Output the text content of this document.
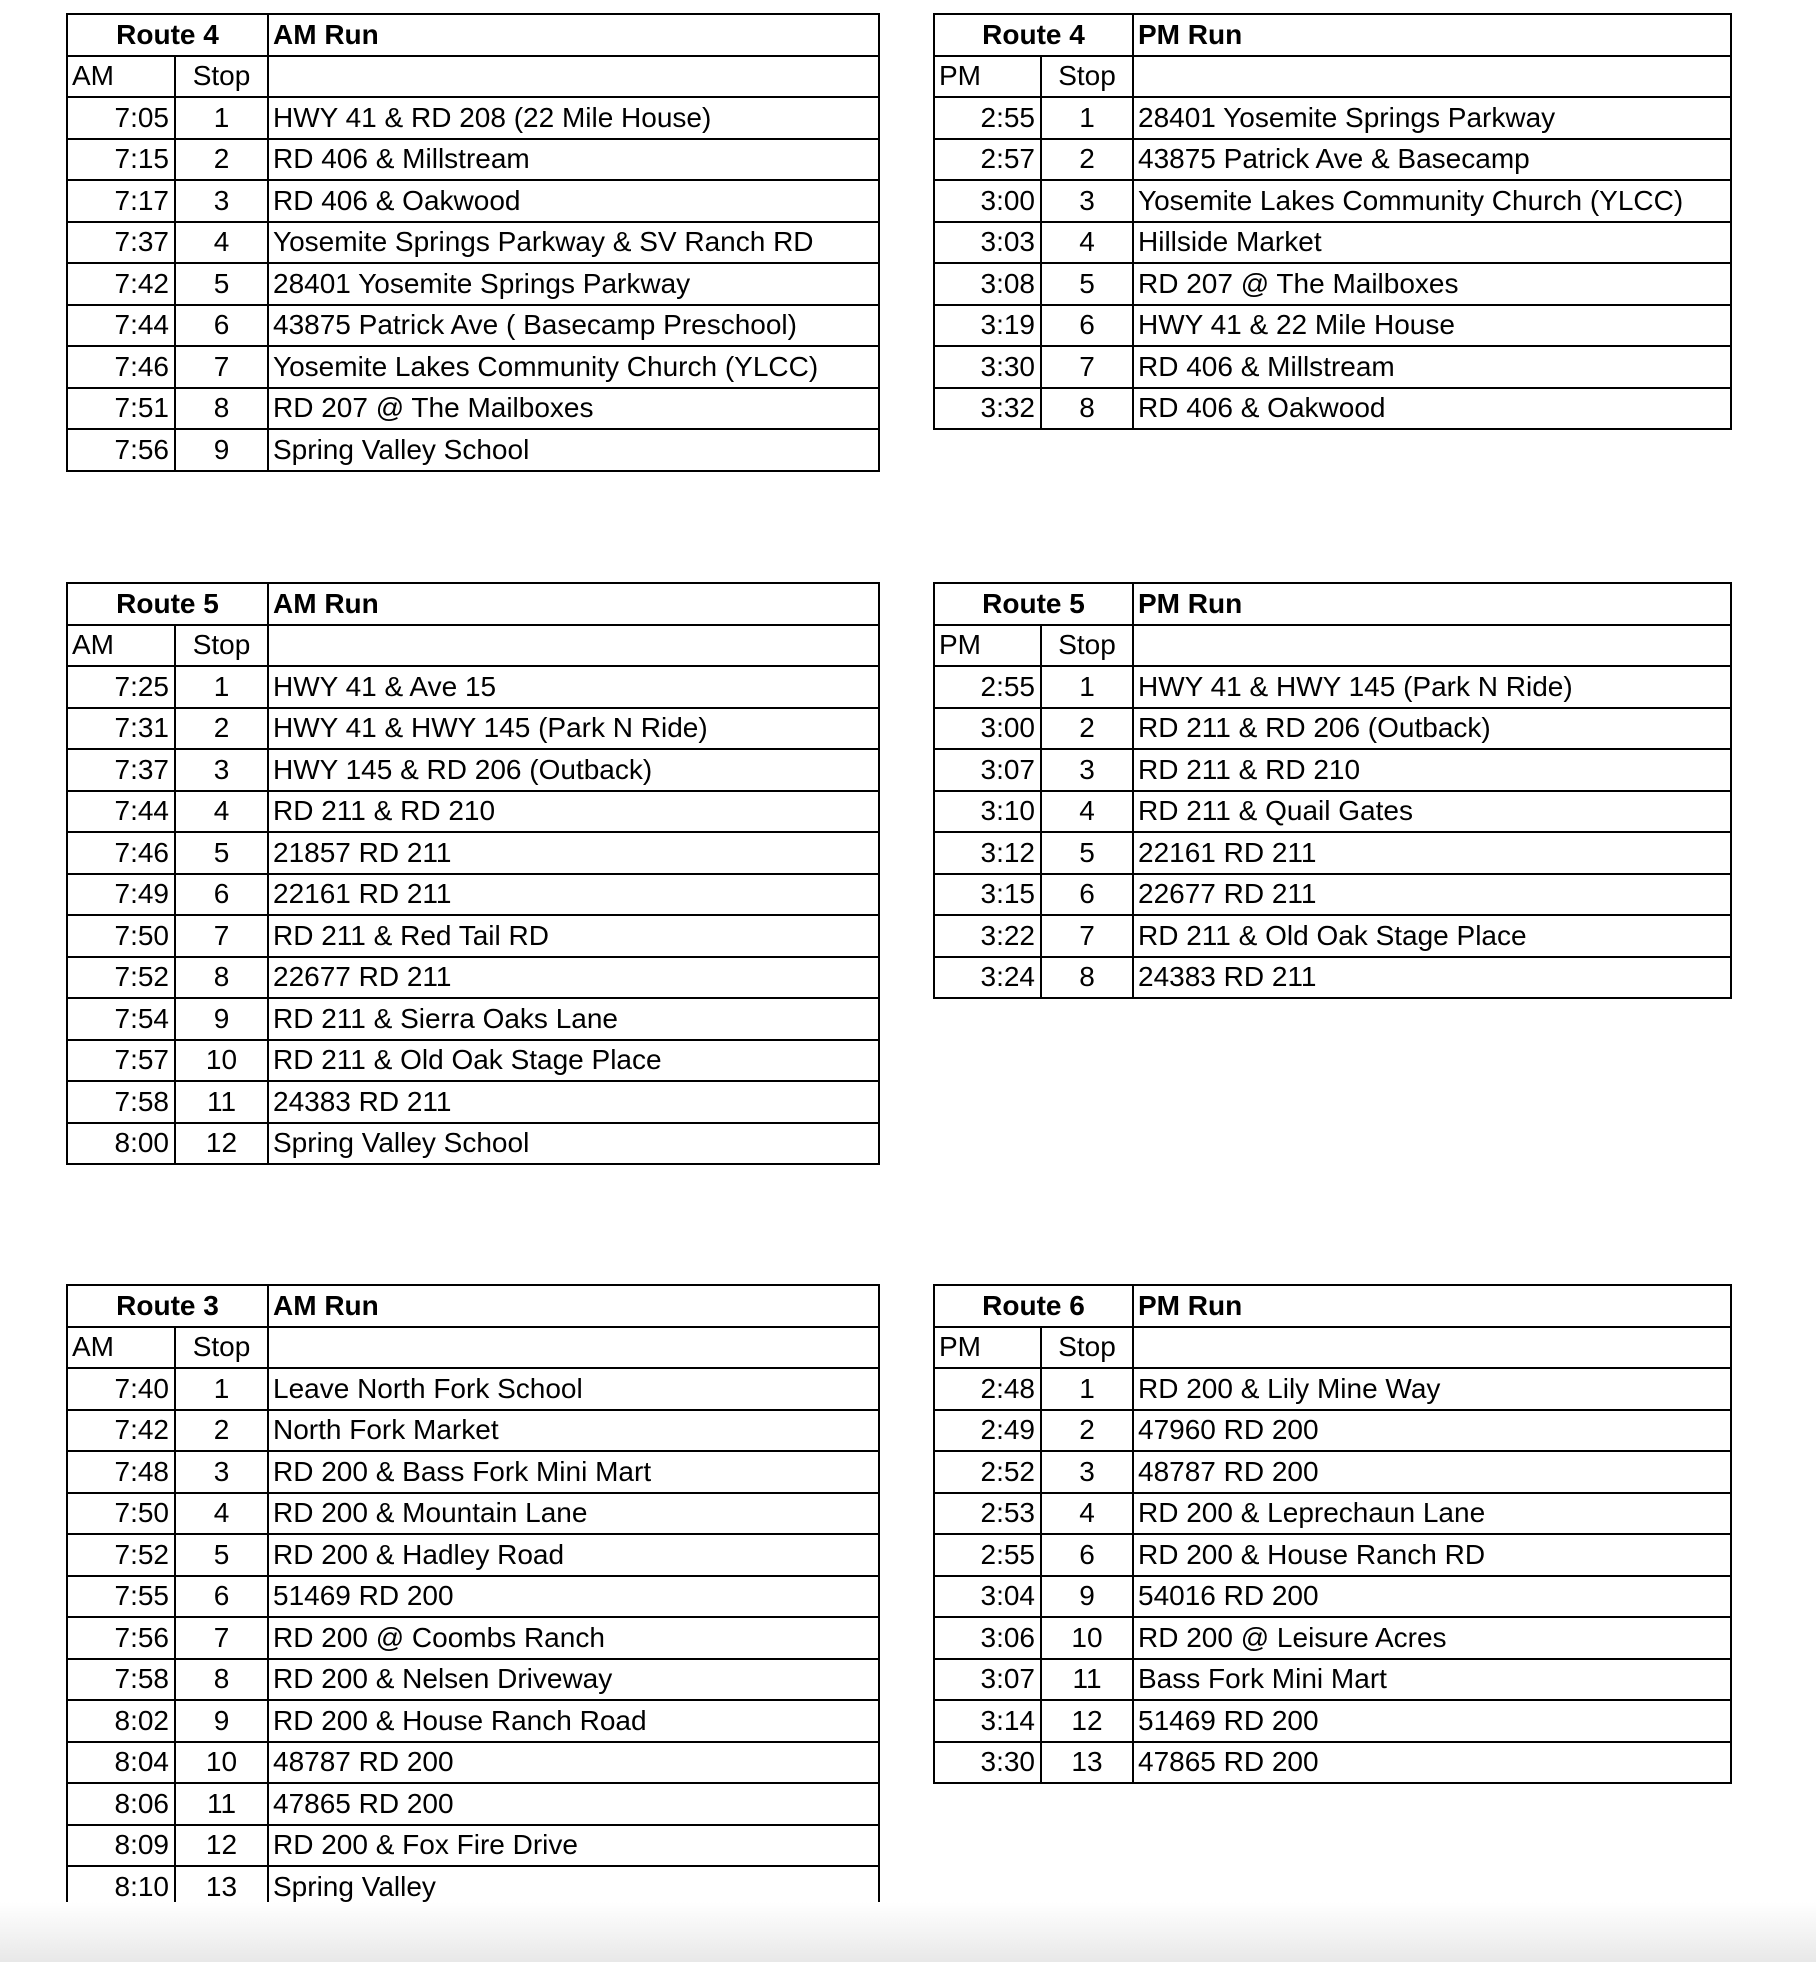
Route 4		AM Run
AM	Stop	
7:05	1	HWY 41 & RD 208 (22 Mile House)
7:15	2	RD 406 & Millstream
7:17	3	RD 406 & Oakwood
7:37	4	Yosemite Springs Parkway & SV Ranch RD
7:42	5	28401 Yosemite Springs Parkway
7:44	6	43875 Patrick Ave ( Basecamp Preschool)
7:46	7	Yosemite Lakes Community Church (YLCC)
7:51	8	RD 207 @ The Mailboxes
7:56	9	Spring Valley School
Route 4		PM Run
PM	Stop	
2:55	1	28401 Yosemite Springs Parkway
2:57	2	43875 Patrick Ave & Basecamp
3:00	3	Yosemite Lakes Community Church (YLCC)
3:03	4	Hillside Market
3:08	5	RD 207 @ The Mailboxes
3:19	6	HWY 41 & 22 Mile House
3:30	7	RD 406 & Millstream
3:32	8	RD 406 & Oakwood
Route 5		AM Run
AM	Stop	
7:25	1	HWY 41 & Ave 15
7:31	2	HWY 41 & HWY 145 (Park N Ride)
7:37	3	HWY 145 & RD 206 (Outback)
7:44	4	RD 211 & RD 210
7:46	5	21857 RD 211
7:49	6	22161 RD 211
7:50	7	RD 211 & Red Tail RD
7:52	8	22677 RD 211
7:54	9	RD 211 & Sierra Oaks Lane
7:57	10	RD 211 & Old Oak Stage Place
7:58	11	24383 RD 211
8:00	12	Spring Valley School
Route 5		PM Run
PM	Stop	
2:55	1	HWY 41 & HWY 145 (Park N Ride)
3:00	2	RD 211 & RD 206 (Outback)
3:07	3	RD 211 & RD 210
3:10	4	RD 211 & Quail Gates
3:12	5	22161 RD 211
3:15	6	22677 RD 211
3:22	7	RD 211 & Old Oak Stage Place
3:24	8	24383 RD 211
Route 3		AM Run
AM	Stop	
7:40	1	Leave North Fork School
7:42	2	North Fork Market
7:48	3	RD 200 & Bass Fork Mini Mart
7:50	4	RD 200 & Mountain Lane
7:52	5	RD 200 & Hadley Road
7:55	6	51469 RD 200
7:56	7	RD 200 @ Coombs Ranch
7:58	8	RD 200 & Nelsen Driveway
8:02	9	RD 200 & House Ranch Road
8:04	10	48787 RD 200
8:06	11	47865 RD 200
8:09	12	RD 200 & Fox Fire Drive
8:10	13	Spring Valley
Route 6		PM Run
PM	Stop	
2:48	1	RD 200 & Lily Mine Way
2:49	2	47960 RD 200
2:52	3	48787 RD 200
2:53	4	RD 200 & Leprechaun Lane
2:55	6	RD 200 & House Ranch RD
3:04	9	54016 RD 200
3:06	10	RD 200 @ Leisure Acres
3:07	11	Bass Fork Mini Mart
3:14	12	51469 RD 200
3:30	13	47865 RD 200
